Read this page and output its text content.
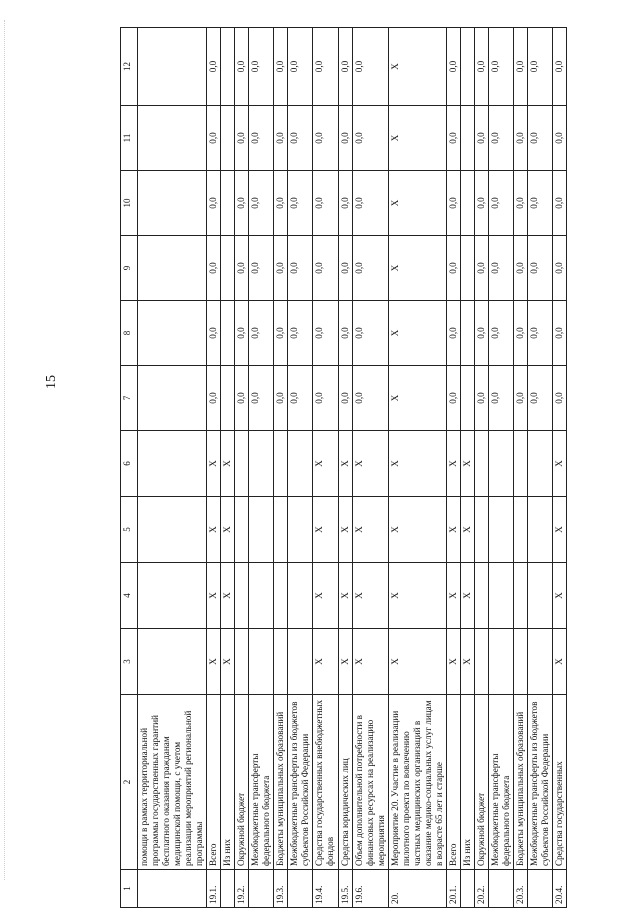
15
1	2	3	4	5	6	7	8	9	10	11	12
	помощи в рамках территориальной программы государственных гарантий бесплатного оказания гражданам медицинской помощи, с учетом реализации мероприятий региональной программы										
19.1.	Всего	X	X	X	X	0,0	0,0	0,0	0,0	0,0	0,0
	Из них	X	X	X	X						
19.2.	Окружной бюджет					0,0	0,0	0,0	0,0	0,0	0,0
	Межбюджетные трансферты федерального бюджета					0,0	0,0	0,0	0,0	0,0	0,0
19.3.	Бюджеты муниципальных образований					0,0	0,0	0,0	0,0	0,0	0,0
	Межбюджетные трансферты из бюджетов субъектов Российской Федерации					0,0	0,0	0,0	0,0	0,0	0,0
19.4.	Средства государственных внебюджетных фондов	X	X	X	X	0,0	0,0	0,0	0,0	0,0	0,0
19.5.	Средства юридических лиц	X	X	X	X	0,0	0,0	0,0	0,0	0,0	0,0
19.6.	Объем дополнительной потребности в финансовых ресурсах на реализацию мероприятия	X	X	X	X	0,0	0,0	0,0	0,0	0,0	0,0
20.	Мероприятие 20. Участие в реализации пилотного проекта по вовлечению частных медицинских организаций в оказание медико-социальных услуг лицам в возрасте 65 лет и старше	X	X	X	X	X	X	X	X	X	X
20.1.	Всего	X	X	X	X	0,0	0,0	0,0	0,0	0,0	0,0
	Из них	X	X	X	X						
20.2.	Окружной бюджет					0,0	0,0	0,0	0,0	0,0	0,0
	Межбюджетные трансферты федерального бюджета					0,0	0,0	0,0	0,0	0,0	0,0
20.3.	Бюджеты муниципальных образований					0,0	0,0	0,0	0,0	0,0	0,0
	Межбюджетные трансферты из бюджетов субъектов Российской Федерации					0,0	0,0	0,0	0,0	0,0	0,0
20.4.	Средства государственных	X	X	X	X	0,0	0,0	0,0	0,0	0,0	0,0
